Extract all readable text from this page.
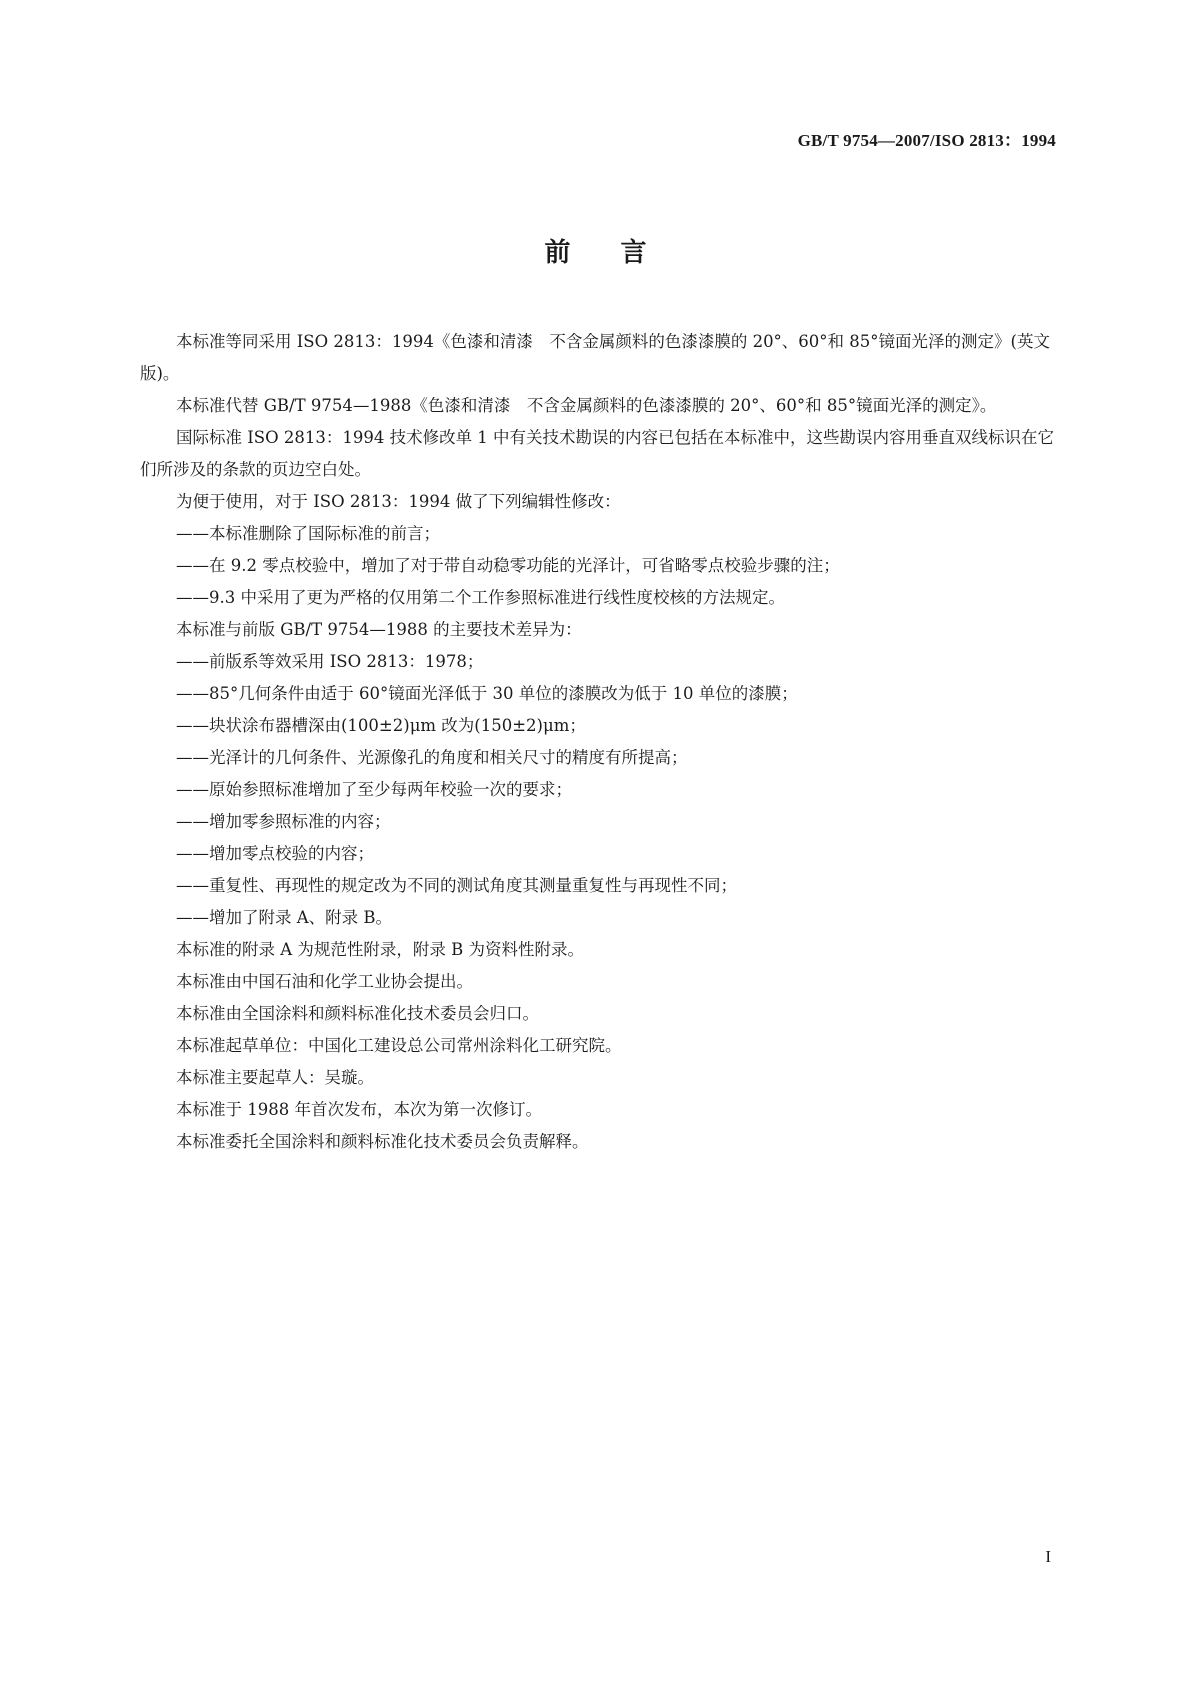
GB/T 9754—2007/ISO 2813：1994
前言

本标准等同采用 ISO 2813：1994《色漆和清漆　不含金属颜料的色漆漆膜的 20°、60°和 85°镜面光泽的测定》(英文版)。

本标准代替 GB/T 9754—1988《色漆和清漆　不含金属颜料的色漆漆膜的 20°、60°和 85°镜面光泽的测定》。

国际标准 ISO 2813：1994 技术修改单 1 中有关技术勘误的内容已包括在本标准中，这些勘误内容用垂直双线标识在它们所涉及的条款的页边空白处。

为便于使用，对于 ISO 2813：1994 做了下列编辑性修改：

——本标准删除了国际标准的前言；

——在 9.2 零点校验中，增加了对于带自动稳零功能的光泽计，可省略零点校验步骤的注；

——9.3 中采用了更为严格的仅用第二个工作参照标准进行线性度校核的方法规定。

本标准与前版 GB/T 9754—1988 的主要技术差异为：

——前版系等效采用 ISO 2813：1978；

——85°几何条件由适于 60°镜面光泽低于 30 单位的漆膜改为低于 10 单位的漆膜；

——块状涂布器槽深由(100±2)μm 改为(150±2)μm；

——光泽计的几何条件、光源像孔的角度和相关尺寸的精度有所提高；

——原始参照标准增加了至少每两年校验一次的要求；

——增加零参照标准的内容；

——增加零点校验的内容；

——重复性、再现性的规定改为不同的测试角度其测量重复性与再现性不同；

——增加了附录 A、附录 B。

本标准的附录 A 为规范性附录，附录 B 为资料性附录。

本标准由中国石油和化学工业协会提出。

本标准由全国涂料和颜料标准化技术委员会归口。

本标准起草单位：中国化工建设总公司常州涂料化工研究院。

本标准主要起草人：吴璇。

本标准于 1988 年首次发布，本次为第一次修订。

本标准委托全国涂料和颜料标准化技术委员会负责解释。

I
